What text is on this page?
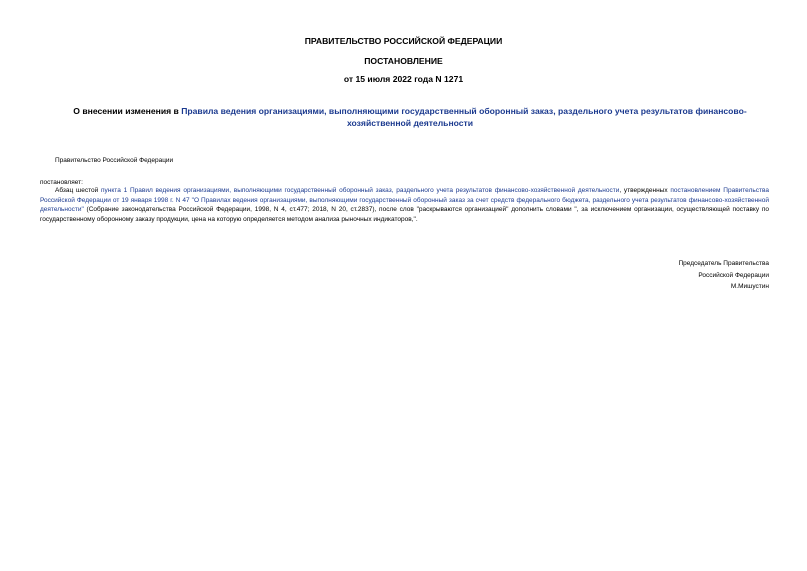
ПРАВИТЕЛЬСТВО РОССИЙСКОЙ ФЕДЕРАЦИИ
ПОСТАНОВЛЕНИЕ
от 15 июля 2022 года N 1271
О внесении изменения в Правила ведения организациями, выполняющими государственный оборонный заказ, раздельного учета результатов финансово-хозяйственной деятельности
Правительство Российской Федерации
постановляет:
Абзац шестой пункта 1 Правил ведения организациями, выполняющими государственный оборонный заказ, раздельного учета результатов финансово-хозяйственной деятельности, утвержденных постановлением Правительства Российской Федерации от 19 января 1998 г. N 47 "О Правилах ведения организациями, выполняющими государственный оборонный заказ за счет средств федерального бюджета, раздельного учета результатов финансово-хозяйственной деятельности" (Собрание законодательства Российской Федерации, 1998, N 4, ст.477; 2018, N 20, ст.2837), после слов "раскрываются организацией" дополнить словами ", за исключением организации, осуществляющей поставку по государственному оборонному заказу продукции, цена на которую определяется методом анализа рыночных индикаторов,".
Председатель Правительства
Российской Федерации
М.Мишустин
